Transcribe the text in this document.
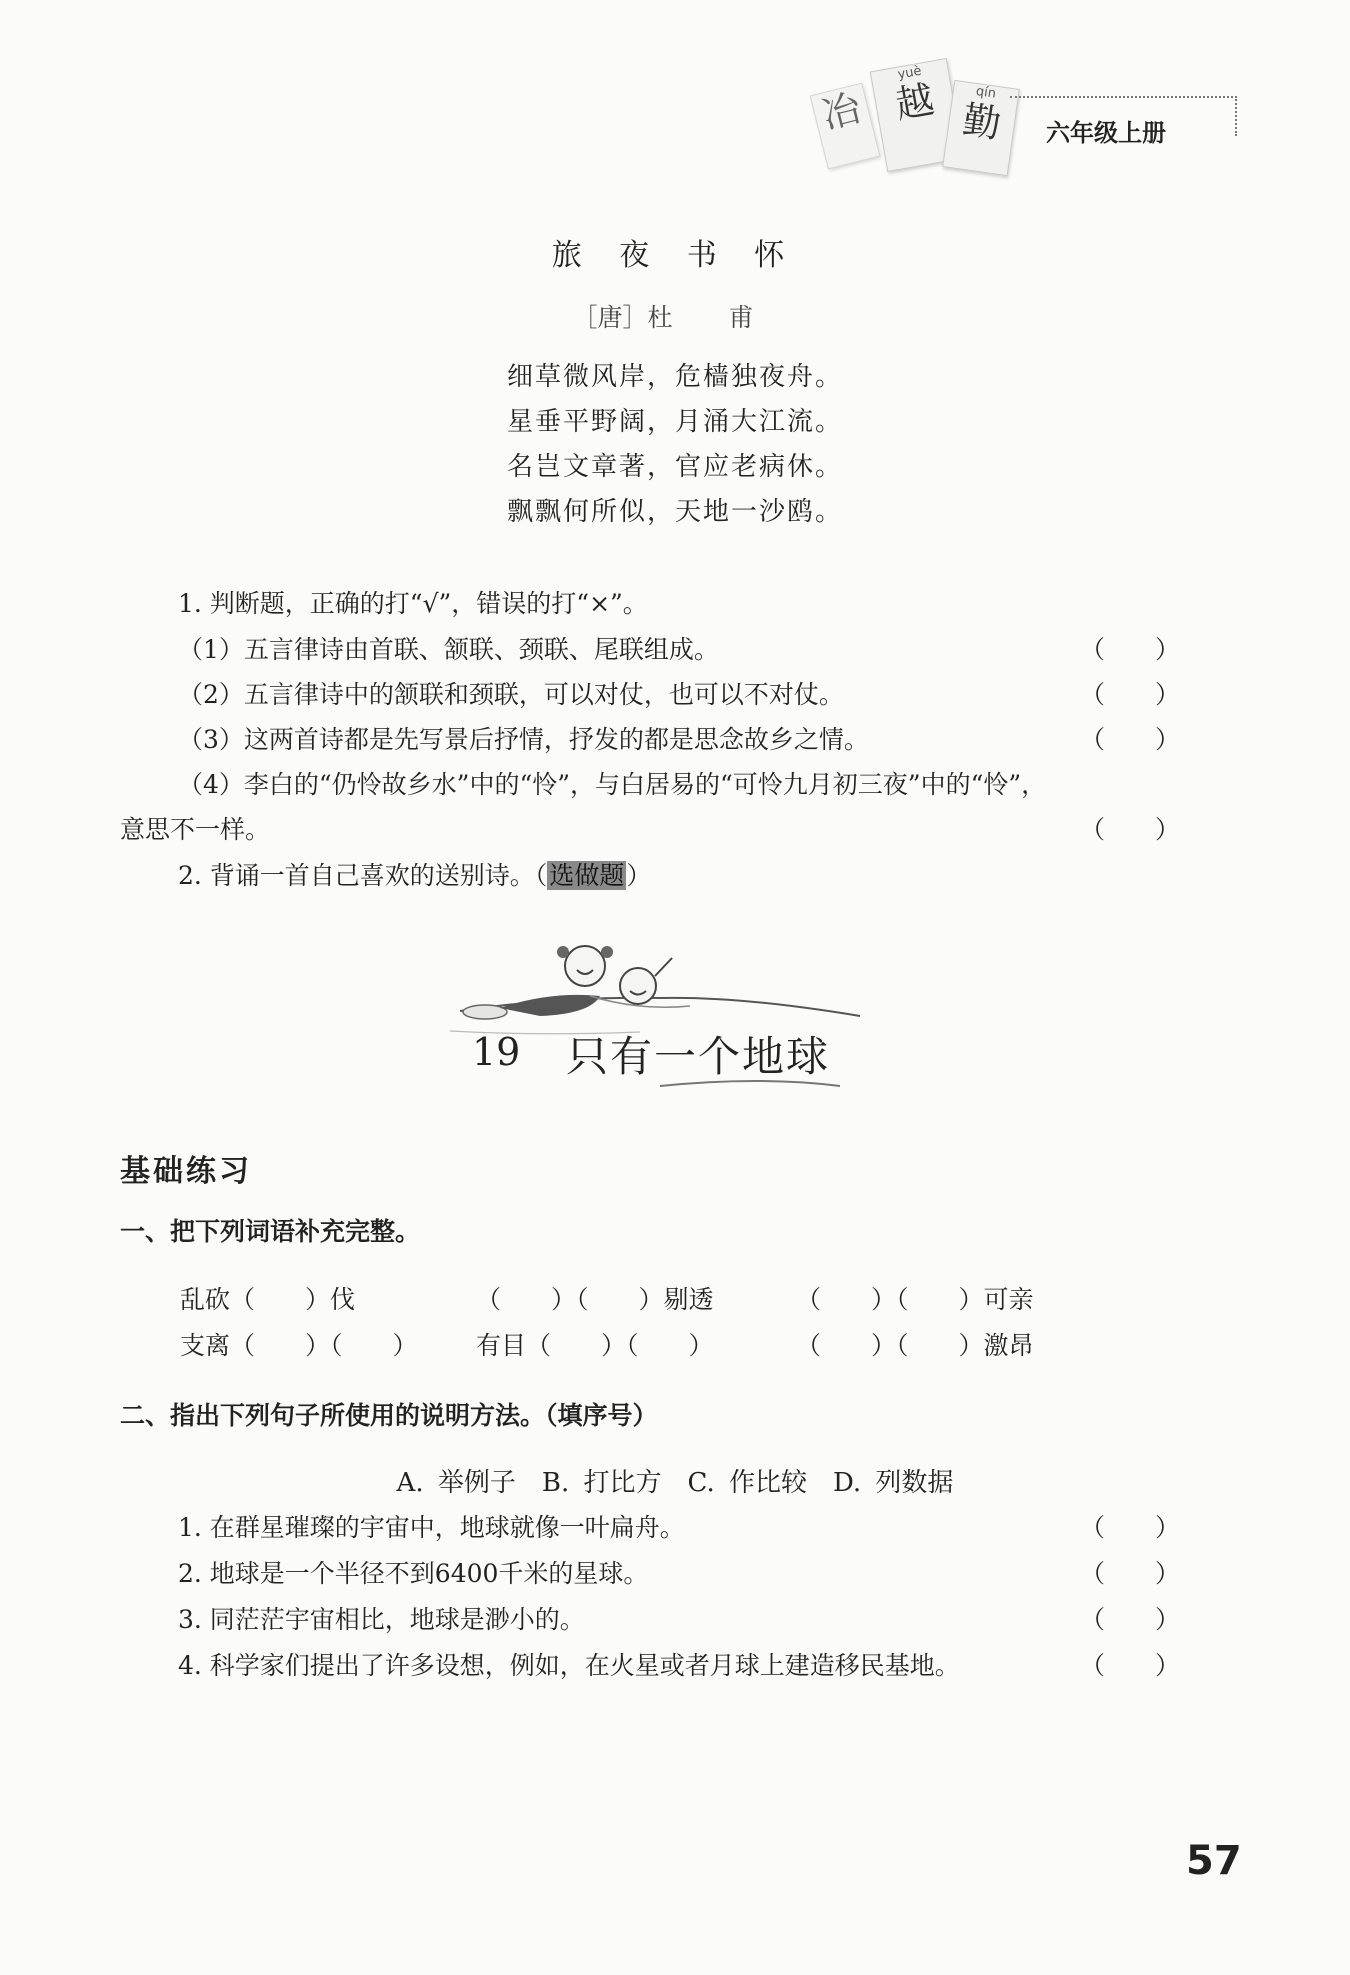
冶
yuè
越	qín
勤	六年级上册
旅 夜 书 怀
［唐］杜 甫
细草微风岸，危樯独夜舟。
星垂平野阔，月涌大江流。
名岂文章著，官应老病休。
飘飘何所似，天地一沙鸥。
1. 判断题，正确的打“√”，错误的打“×”。
（1）五言律诗由首联、颔联、颈联、尾联组成。	（　　）
（2）五言律诗中的颔联和颈联，可以对仗，也可以不对仗。	（　　）
（3）这两首诗都是先写景后抒情，抒发的都是思念故乡之情。	（　　）
（4）李白的“仍怜故乡水”中的“怜”，与白居易的“可怜九月初三夜”中的“怜”，
意思不一样。	（　　）
2. 背诵一首自己喜欢的送别诗。（选做题）
19 只有一个地球
基础练习
一、把下列词语补充完整。
乱砍（　　）伐	（　　）（　　）剔透	（　　）（　　）可亲
支离（　　）（　　） 有目（　　）（　　）	（　　）（　　）激昂
二、指出下列句子所使用的说明方法。（填序号）
A. 举例子　B. 打比方　C. 作比较　D. 列数据
1. 在群星璀璨的宇宙中，地球就像一叶扁舟。	（　　）
2. 地球是一个半径不到6400千米的星球。	（　　）
3. 同茫茫宇宙相比，地球是渺小的。	（　　）
4. 科学家们提出了许多设想，例如，在火星或者月球上建造移民基地。	（　　）
57
